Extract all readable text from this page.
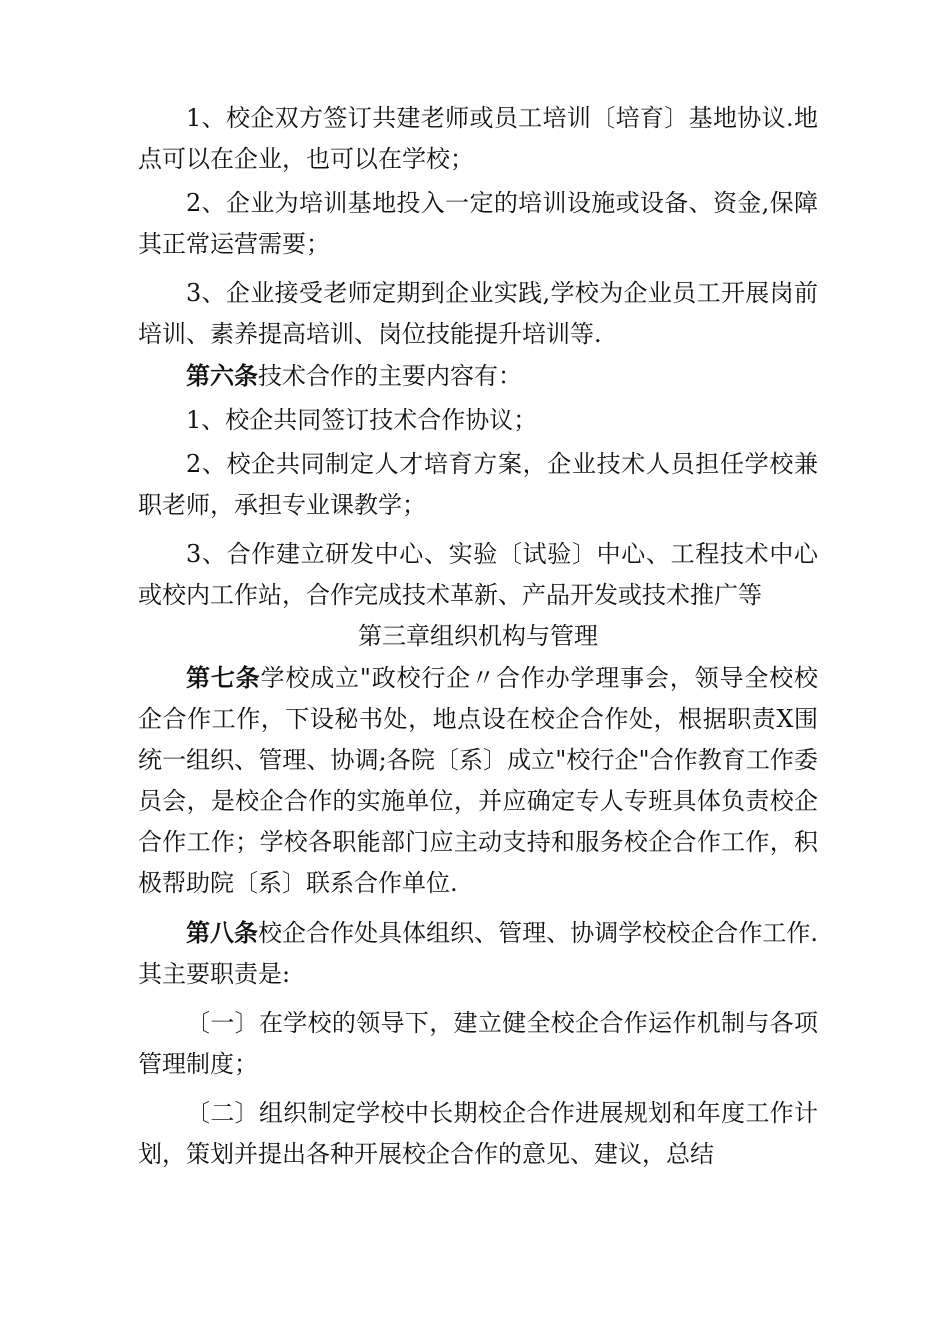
1、校企双方签订共建老师或员工培训〔培育〕基地协议.地点可以在企业，也可以在学校；

2、企业为培训基地投入一定的培训设施或设备、资金,保障其正常运营需要；

3、企业接受老师定期到企业实践,学校为企业员工开展岗前培训、素养提高培训、岗位技能提升培训等.

第六条技术合作的主要内容有：

1、校企共同签订技术合作协议；

2、校企共同制定人才培育方案，企业技术人员担任学校兼职老师，承担专业课教学；

3、合作建立研发中心、实验〔试验〕中心、工程技术中心或校内工作站，合作完成技术革新、产品开发或技术推广等

第三章组织机构与管理

第七条学校成立"政校行企〃合作办学理事会，领导全校校企合作工作，下设秘书处，地点设在校企合作处，根据职责X围统一组织、管理、协调;各院〔系〕成立"校行企"合作教育工作委员会，是校企合作的实施单位，并应确定专人专班具体负责校企合作工作；学校各职能部门应主动支持和服务校企合作工作，积极帮助院〔系〕联系合作单位.

第八条校企合作处具体组织、管理、协调学校校企合作工作.其主要职责是:

〔一〕在学校的领导下，建立健全校企合作运作机制与各项管理制度；

〔二〕组织制定学校中长期校企合作进展规划和年度工作计划，策划并提出各种开展校企合作的意见、建议，总结
